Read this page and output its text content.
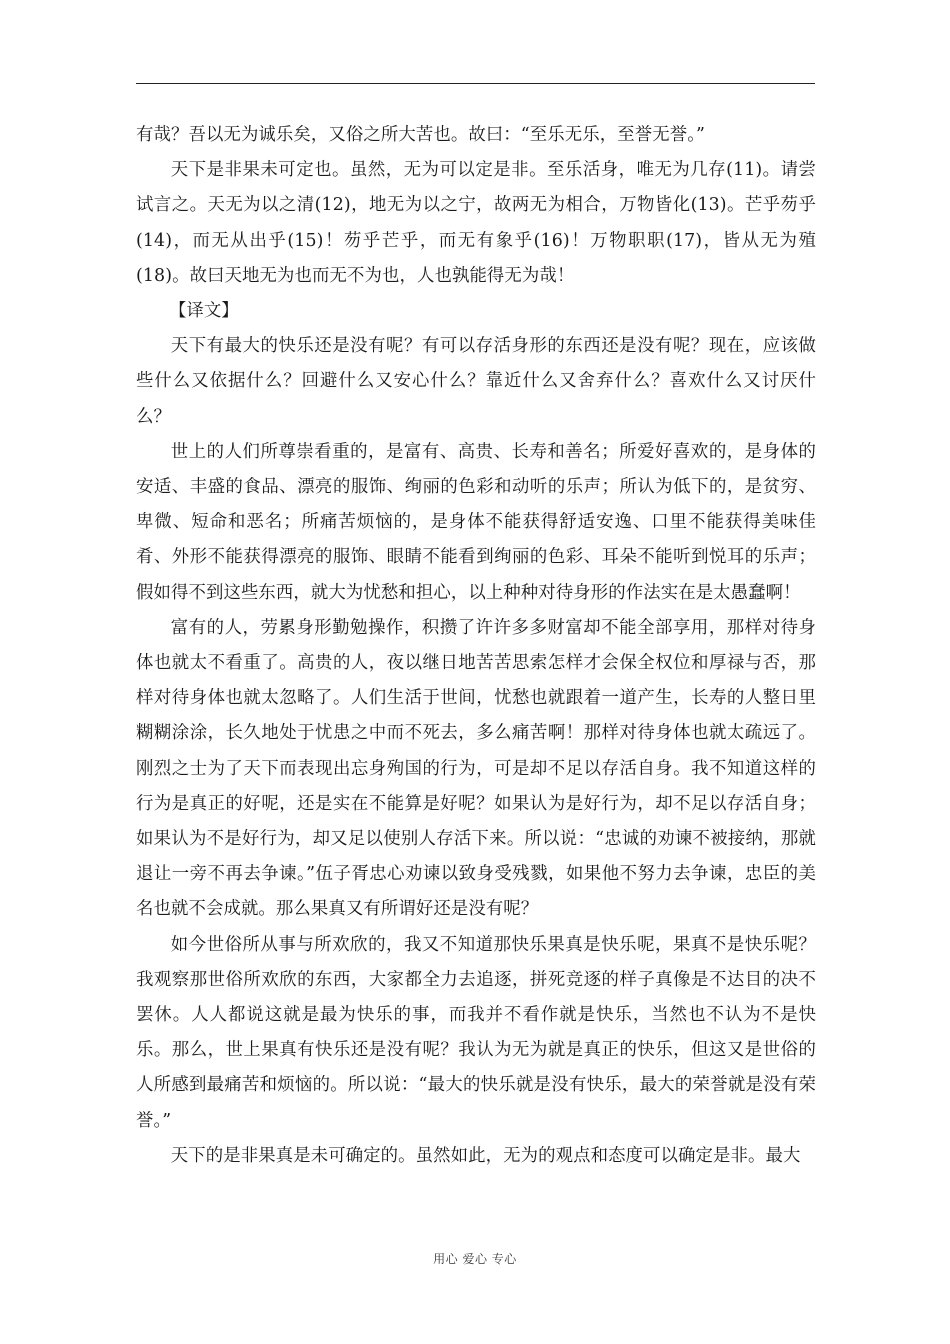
有哉？吾以无为诚乐矣，又俗之所大苦也。故曰：“至乐无乐，至誉无誉。”

天下是非果未可定也。虽然，无为可以定是非。至乐活身，唯无为几存(11)。请尝试言之。天无为以之清(12)，地无为以之宁，故两无为相合，万物皆化(13)。芒乎芴乎(14)，而无从出乎(15)！芴乎芒乎，而无有象乎(16)！万物职职(17)，皆从无为殖(18)。故曰天地无为也而无不为也，人也孰能得无为哉！

【译文】

天下有最大的快乐还是没有呢？有可以存活身形的东西还是没有呢？现在，应该做些什么又依据什么？回避什么又安心什么？靠近什么又舍弃什么？喜欢什么又讨厌什么？

世上的人们所尊崇看重的，是富有、高贵、长寿和善名；所爱好喜欢的，是身体的安适、丰盛的食品、漂亮的服饰、绚丽的色彩和动听的乐声；所认为低下的，是贫穷、卑微、短命和恶名；所痛苦烦恼的，是身体不能获得舒适安逸、口里不能获得美味佳肴、外形不能获得漂亮的服饰、眼睛不能看到绚丽的色彩、耳朵不能听到悦耳的乐声；假如得不到这些东西，就大为忧愁和担心，以上种种对待身形的作法实在是太愚蠢啊！

富有的人，劳累身形勤勉操作，积攒了许许多多财富却不能全部享用，那样对待身体也就太不看重了。高贵的人，夜以继日地苦苦思索怎样才会保全权位和厚禄与否，那样对待身体也就太忽略了。人们生活于世间，忧愁也就跟着一道产生，长寿的人整日里糊糊涂涂，长久地处于忧患之中而不死去，多么痛苦啊！那样对待身体也就太疏远了。刚烈之士为了天下而表现出忘身殉国的行为，可是却不足以存活自身。我不知道这样的行为是真正的好呢，还是实在不能算是好呢？如果认为是好行为，却不足以存活自身；如果认为不是好行为，却又足以使别人存活下来。所以说：“忠诚的劝谏不被接纳，那就退让一旁不再去争谏。”伍子胥忠心劝谏以致身受残戮，如果他不努力去争谏，忠臣的美名也就不会成就。那么果真又有所谓好还是没有呢？

如今世俗所从事与所欢欣的，我又不知道那快乐果真是快乐呢，果真不是快乐呢？我观察那世俗所欢欣的东西，大家都全力去追逐，拼死竞逐的样子真像是不达目的决不罢休。人人都说这就是最为快乐的事，而我并不看作就是快乐，当然也不认为不是快乐。那么，世上果真有快乐还是没有呢？我认为无为就是真正的快乐，但这又是世俗的人所感到最痛苦和烦恼的。所以说：“最大的快乐就是没有快乐，最大的荣誉就是没有荣誉。”

天下的是非果真是未可确定的。虽然如此，无为的观点和态度可以确定是非。最大

用心 爱心 专心
